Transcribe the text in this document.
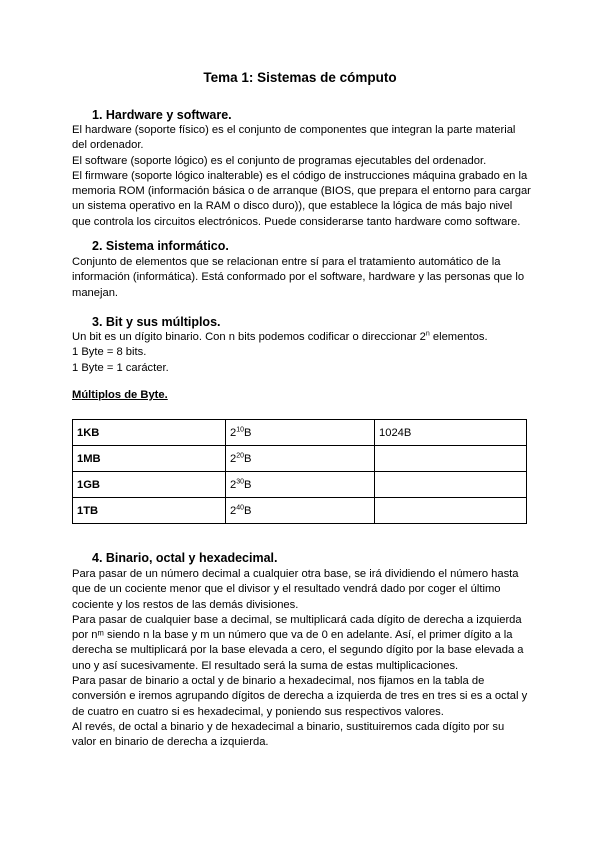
Tema 1: Sistemas de cómputo
1. Hardware y software.

El hardware (soporte físico) es el conjunto de componentes que integran la parte material

del ordenador.

El software (soporte lógico) es el conjunto de programas ejecutables del ordenador.

El firmware (soporte lógico inalterable) es el código de instrucciones máquina grabado en la

memoria ROM (información básica o de arranque (BIOS, que prepara el entorno para cargar

un sistema operativo en la RAM o disco duro)), que establece la lógica de más bajo nivel

que controla los circuitos electrónicos. Puede considerarse tanto hardware como software.

2. Sistema informático.

Conjunto de elementos que se relacionan entre sí para el tratamiento automático de la

información (informática). Está conformado por el software, hardware y las personas que lo

manejan.

3. Bit y sus múltiplos.

Un bit es un dígito binario. Con n bits podemos codificar o direccionar 2$^n$ elementos.

1 Byte = 8 bits.

1 Byte = 1 carácter.

Múltiplos de Byte.
1KB	$2^{10}B$	1024B
1MB	$2^{20}B$	
1GB	$2^{30}B$	
1TB	$2^{40}B$	
4. Binario, octal y hexadecimal.

Para pasar de un número decimal a cualquier otra base, se irá dividiendo el número hasta

que de un cociente menor que el divisor y el resultado vendrá dado por coger el último

cociente y los restos de las demás divisiones.

Para pasar de cualquier base a decimal, se multiplicará cada dígito de derecha a izquierda

por nᵐ siendo n la base y m un número que va de 0 en adelante. Así, el primer dígito a la

derecha se multiplicará por la base elevada a cero, el segundo dígito por la base elevada a

uno y así sucesivamente. El resultado será la suma de estas multiplicaciones.

Para pasar de binario a octal y de binario a hexadecimal, nos fijamos en la tabla de

conversión e iremos agrupando dígitos de derecha a izquierda de tres en tres si es a octal y

de cuatro en cuatro si es hexadecimal, y poniendo sus respectivos valores.

Al revés, de octal a binario y de hexadecimal a binario, sustituiremos cada dígito por su

valor en binario de derecha a izquierda.
